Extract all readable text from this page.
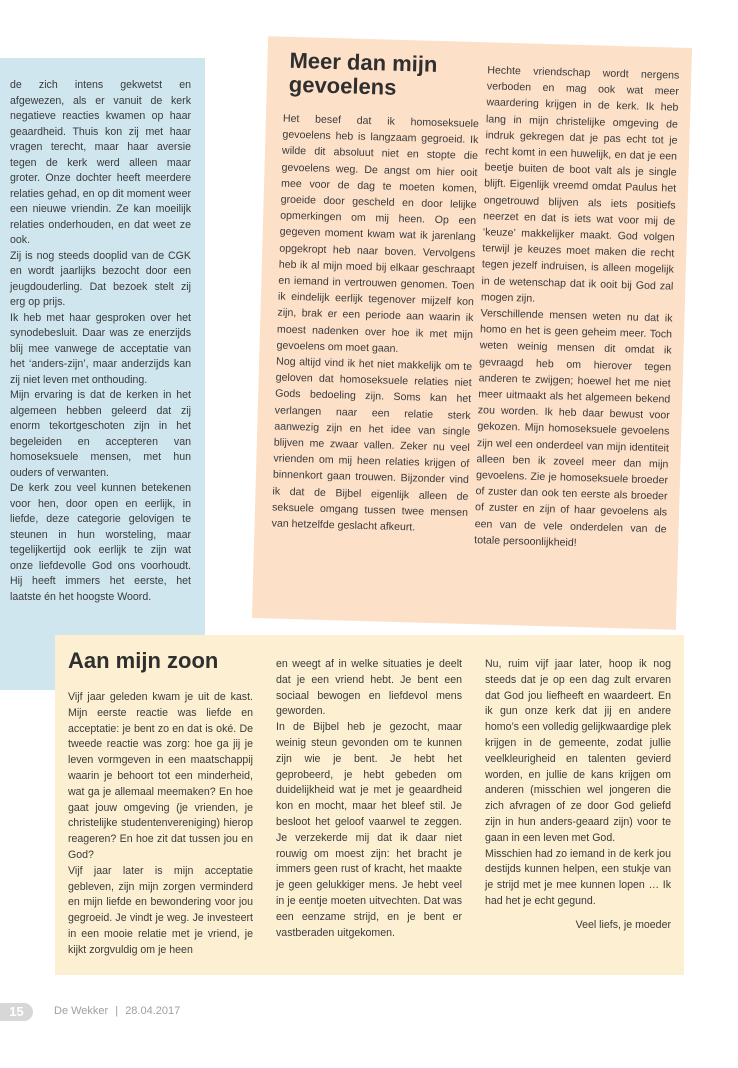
de zich intens gekwetst en afgewezen, als er vanuit de kerk negatieve reacties kwamen op haar geaardheid. Thuis kon zij met haar vragen terecht, maar haar aversie tegen de kerk werd alleen maar groter. Onze dochter heeft meerdere relaties gehad, en op dit moment weer een nieuwe vriendin. Ze kan moeilijk relaties onderhouden, en dat weet ze ook.

Zij is nog steeds dooplid van de CGK en wordt jaarlijks bezocht door een jeugdouderling. Dat bezoek stelt zij erg op prijs.

Ik heb met haar gesproken over het synodebesluit. Daar was ze enerzijds blij mee vanwege de acceptatie van het ‘anders-zijn’, maar anderzijds kan zij niet leven met onthouding.

Mijn ervaring is dat de kerken in het algemeen hebben geleerd dat zij enorm tekortgeschoten zijn in het begeleiden en accepteren van homoseksuele mensen, met hun ouders of verwanten.

De kerk zou veel kunnen betekenen voor hen, door open en eerlijk, in liefde, deze categorie gelovigen te steunen in hun worsteling, maar tegelijkertijd ook eerlijk te zijn wat onze liefdevolle God ons voorhoudt. Hij heeft immers het eerste, het laatste én het hoogste Woord.

Meer dan mijn gevoelens

Het besef dat ik homoseksuele gevoelens heb is langzaam gegroeid. Ik wilde dit absoluut niet en stopte die gevoelens weg. De angst om hier ooit mee voor de dag te moeten komen, groeide door gescheld en door lelijke opmerkingen om mij heen. Op een gegeven moment kwam wat ik jarenlang opgekropt heb naar boven. Vervolgens heb ik al mijn moed bij elkaar geschraapt en iemand in vertrouwen genomen. Toen ik eindelijk eerlijk tegenover mijzelf kon zijn, brak er een periode aan waarin ik moest nadenken over hoe ik met mijn gevoelens om moet gaan.

Nog altijd vind ik het niet makkelijk om te geloven dat homoseksuele relaties niet Gods bedoeling zijn. Soms kan het verlangen naar een relatie sterk aanwezig zijn en het idee van single blijven me zwaar vallen. Zeker nu veel vrienden om mij heen relaties krijgen of binnenkort gaan trouwen. Bijzonder vind ik dat de Bijbel eigenlijk alleen de seksuele omgang tussen twee mensen van hetzelfde geslacht afkeurt.

Hechte vriendschap wordt nergens verboden en mag ook wat meer waardering krijgen in de kerk. Ik heb lang in mijn christelijke omgeving de indruk gekregen dat je pas echt tot je recht komt in een huwelijk, en dat je een beetje buiten de boot valt als je single blijft. Eigenlijk vreemd omdat Paulus het ongetrouwd blijven als iets positiefs neerzet en dat is iets wat voor mij de ‘keuze’ makkelijker maakt. God volgen terwijl je keuzes moet maken die recht tegen jezelf indruisen, is alleen mogelijk in de wetenschap dat ik ooit bij God zal mogen zijn.

Verschillende mensen weten nu dat ik homo en het is geen geheim meer. Toch weten weinig mensen dit omdat ik gevraagd heb om hierover tegen anderen te zwijgen; hoewel het me niet meer uitmaakt als het algemeen bekend zou worden. Ik heb daar bewust voor gekozen. Mijn homoseksuele gevoelens zijn wel een onderdeel van mijn identiteit alleen ben ik zoveel meer dan mijn gevoelens. Zie je homoseksuele broeder of zuster dan ook ten eerste als broeder of zuster en zijn of haar gevoelens als een van de vele onderdelen van de totale persoonlijkheid!

Aan mijn zoon

Vijf jaar geleden kwam je uit de kast. Mijn eerste reactie was liefde en acceptatie: je bent zo en dat is oké. De tweede reactie was zorg: hoe ga jij je leven vormgeven in een maatschappij waarin je behoort tot een minderheid, wat ga je allemaal meemaken? En hoe gaat jouw omgeving (je vrienden, je christelijke studentenvereniging) hierop reageren? En hoe zit dat tussen jou en God?

Vijf jaar later is mijn acceptatie gebleven, zijn mijn zorgen verminderd en mijn liefde en bewondering voor jou gegroeid. Je vindt je weg. Je investeert in een mooie relatie met je vriend, je kijkt zorgvuldig om je heen

en weegt af in welke situaties je deelt dat je een vriend hebt. Je bent een sociaal bewogen en liefdevol mens geworden.

In de Bijbel heb je gezocht, maar weinig steun gevonden om te kunnen zijn wie je bent. Je hebt het geprobeerd, je hebt gebeden om duidelijkheid wat je met je geaardheid kon en mocht, maar het bleef stil. Je besloot het geloof vaarwel te zeggen. Je verzekerde mij dat ik daar niet rouwig om moest zijn: het bracht je immers geen rust of kracht, het maakte je geen gelukkiger mens. Je hebt veel in je eentje moeten uitvechten. Dat was een eenzame strijd, en je bent er vastberaden uitgekomen.

Nu, ruim vijf jaar later, hoop ik nog steeds dat je op een dag zult ervaren dat God jou liefheeft en waardeert. En ik gun onze kerk dat jij en andere homo’s een volledig gelijkwaardige plek krijgen in de gemeente, zodat jullie veelkleurigheid en talenten gevierd worden, en jullie de kans krijgen om anderen (misschien wel jongeren die zich afvragen of ze door God geliefd zijn in hun anders-geaard zijn) voor te gaan in een leven met God.

Misschien had zo iemand in de kerk jou destijds kunnen helpen, een stukje van je strijd met je mee kunnen lopen … Ik had het je echt gegund.

Veel liefs, je moeder

15	De Wekker | 28.04.2017
